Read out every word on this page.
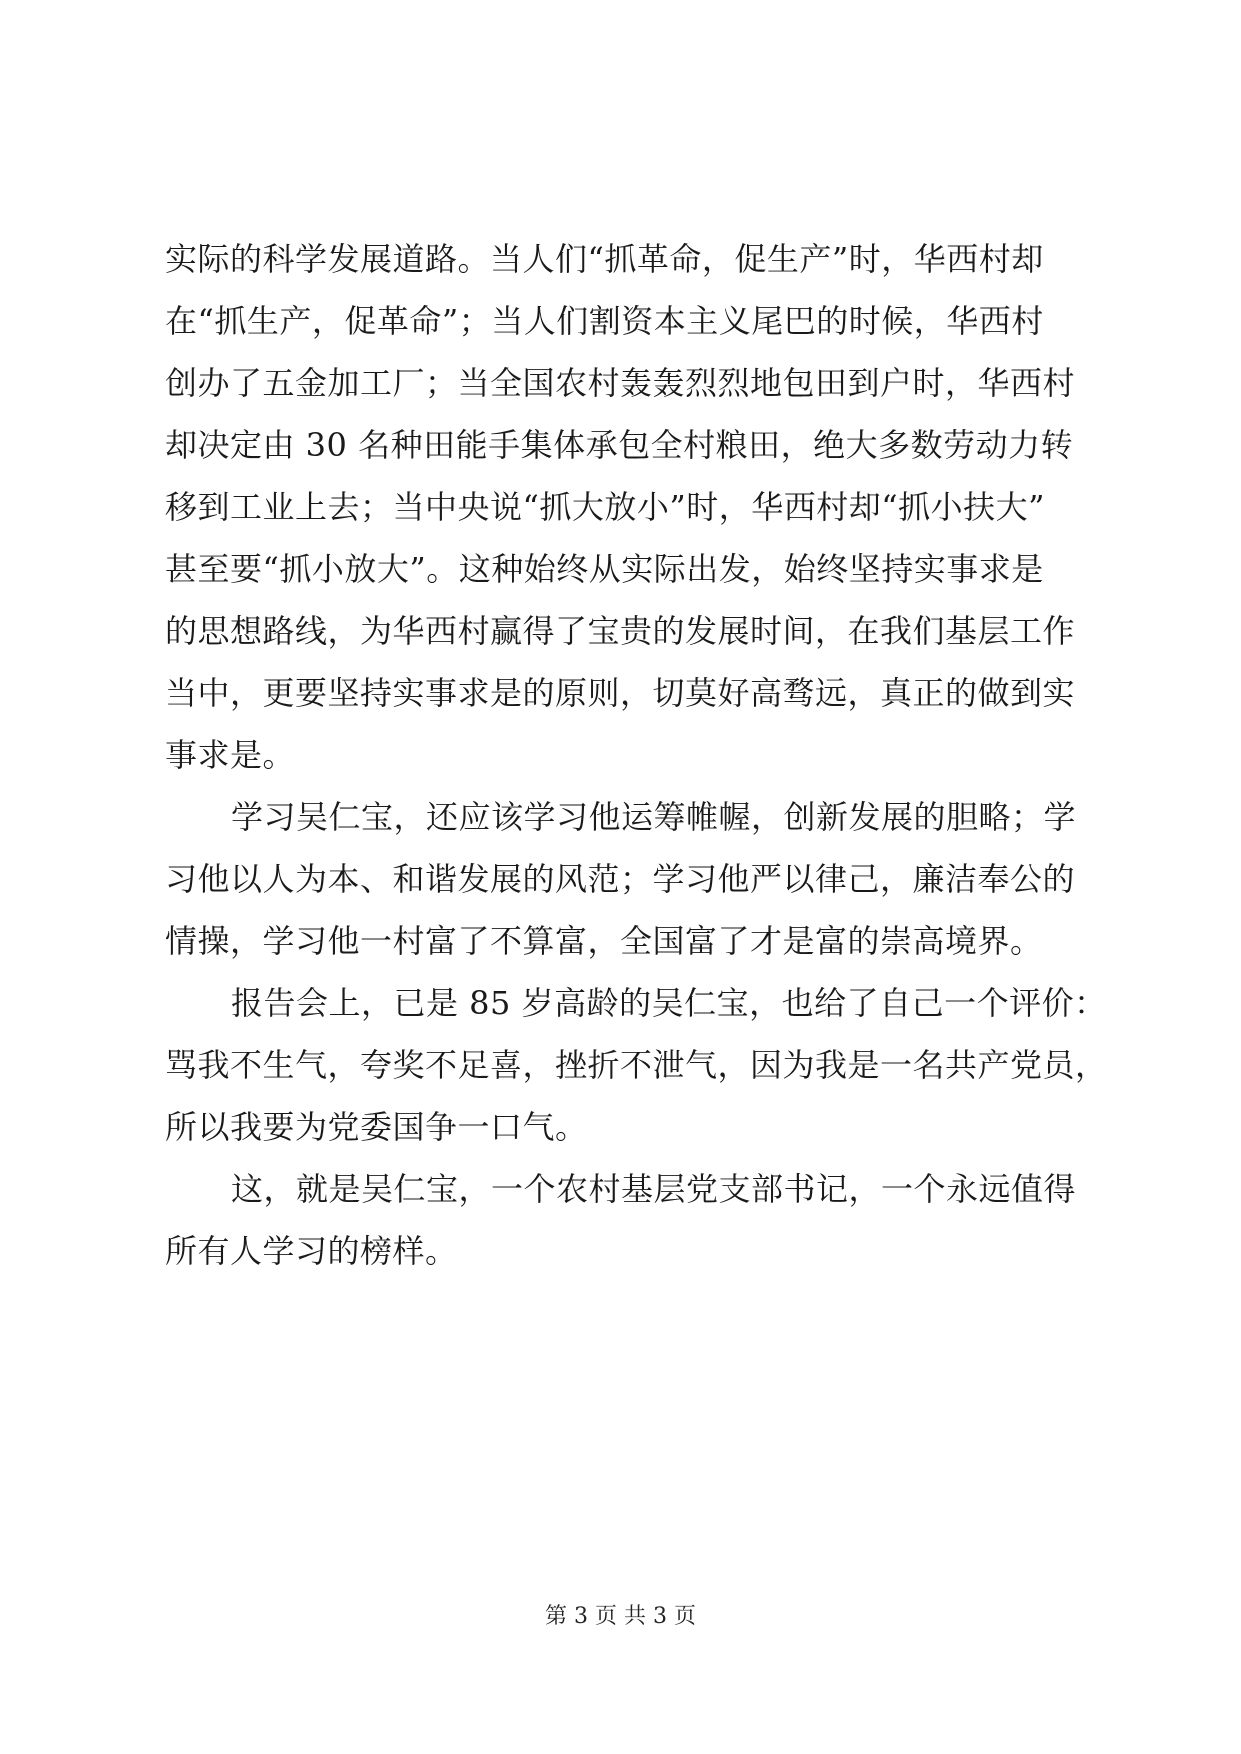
实际的科学发展道路。当人们“抓革命，促生产”时，华西村却
在“抓生产，促革命”；当人们割资本主义尾巴的时候，华西村
创办了五金加工厂；当全国农村轰轰烈烈地包田到户时，华西村
却决定由 30 名种田能手集体承包全村粮田，绝大多数劳动力转
移到工业上去；当中央说“抓大放小”时，华西村却“抓小扶大”
甚至要“抓小放大”。这种始终从实际出发，始终坚持实事求是
的思想路线，为华西村赢得了宝贵的发展时间，在我们基层工作
当中，更要坚持实事求是的原则，切莫好高骛远，真正的做到实
事求是。
学习吴仁宝，还应该学习他运筹帷幄，创新发展的胆略；学
习他以人为本、和谐发展的风范；学习他严以律己，廉洁奉公的
情操，学习他一村富了不算富，全国富了才是富的崇高境界。
报告会上，已是 85 岁高龄的吴仁宝，也给了自己一个评价：
骂我不生气，夸奖不足喜，挫折不泄气，因为我是一名共产党员，
所以我要为党委国争一口气。
这，就是吴仁宝，一个农村基层党支部书记，一个永远值得
所有人学习的榜样。
第 3 页 共 3 页
